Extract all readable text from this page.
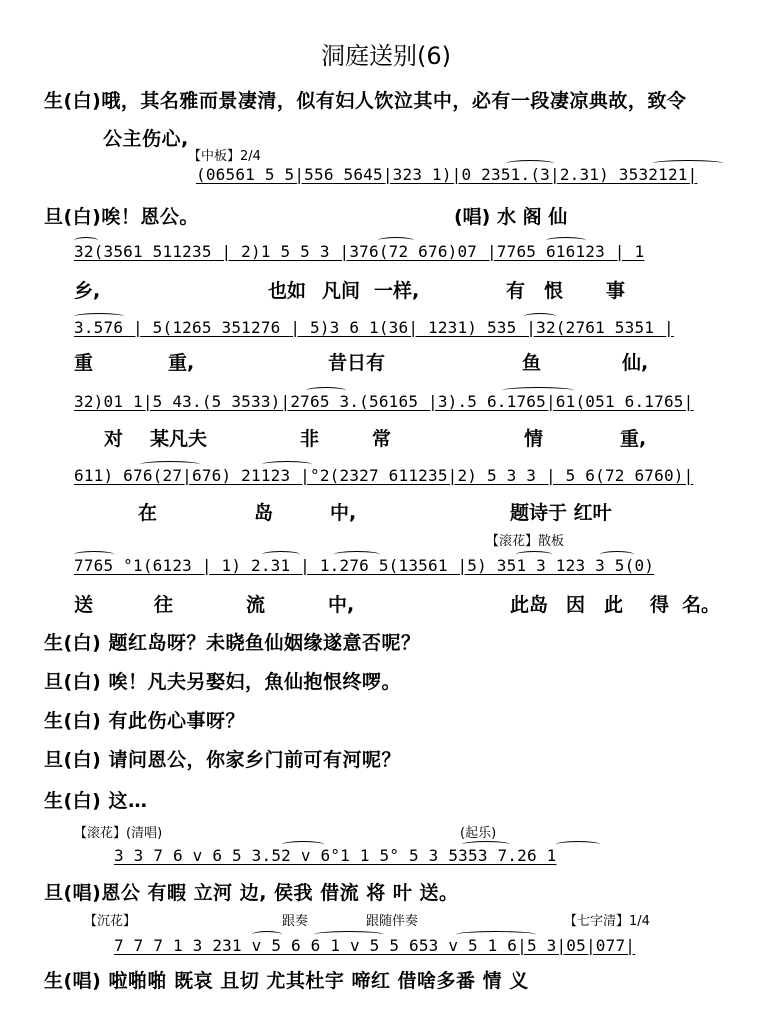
洞庭送别(6)
生(白)哦，其名雅而景凄清，似有妇人饮泣其中，必有一段凄凉典故，致令
公主伤心,
【中板】2/4
(06561 5 5|556 5645|323 1)|0 2351.(3|2.31) 3532121|
旦(白)唉！恩公。	(唱) 水 阁 仙
32(3561 511235 | 2)1 5 5 3 |376(72 676)07 |7765 616123 | 1
乡,	也如 凡间 一样,	有 恨 事
3.576 | 5(1265 351276 | 5)3 6 1(36| 1231) 535 |32(2761 5351 |
重	重,	昔日有	鱼	仙,
32)01 1|5 43.(5 3533)|2765 3.(56165 |3).5 6.1765|61(051 6.1765|
对 某凡夫	非	常	情	重,
611) 676(27|676) 21123 |°2(2327 611235|2) 5 3 3 | 5 6(72 6760)|
在	岛	中,	题诗于 红叶
【滚花】散板
7765 °1(6123 | 1) 2.31 | 1.276 5(13561 |5) 351 3 123 3 5(0)
送	往	流	中,	此岛 因 此 得 名。
生(白) 题红岛呀？未晓鱼仙姻缘遂意否呢？
旦(白) 唉！凡夫另娶妇，魚仙抱恨终啰。
生(白) 有此伤心事呀？
旦(白) 请问恩公，你家乡门前可有河呢？
生(白) 这…
【滚花】(清唱)	(起乐)
3 3 7 6 v 6 5 3.52 v 6°1 1 5° 5 3 5353 7.26 1
旦(唱)恩公 有暇 立河 边, 侯我 借流 将 叶 送。
【沉花】	跟奏	跟随伴奏	【七字清】1/4
7 7 7 1 3 231 v 5 6 6 1 v 5 5 653 v 5 1 6|5 3|05|077|
生(唱) 啦啪啪 既哀 且切 尤其杜宇 啼红 借啥多番 情 义
